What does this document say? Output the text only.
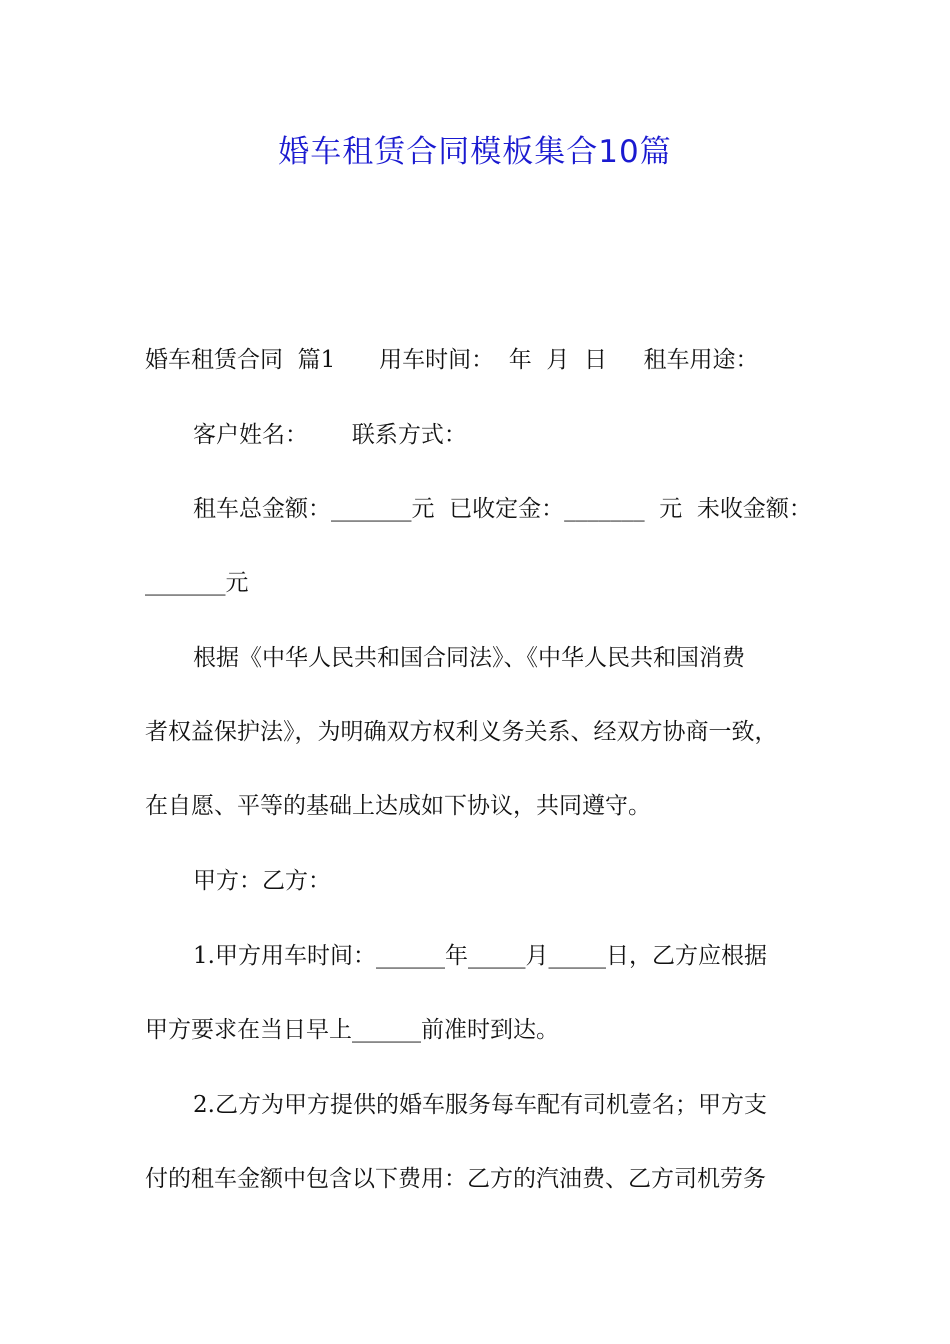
婚车租赁合同模板集合10篇
婚车租赁合同  篇1      用车时间：  年  月  日     租车用途：
客户姓名：      联系方式：
租车总金额：_______元  已收定金：_______  元  未收金额：
_______元
根据《中华人民共和国合同法》、《中华人民共和国消费
者权益保护法》，为明确双方权利义务关系、经双方协商一致，
在自愿、平等的基础上达成如下协议，共同遵守。
甲方：乙方：
1.甲方用车时间：______年_____月_____日，乙方应根据
甲方要求在当日早上______前准时到达。
2.乙方为甲方提供的婚车服务每车配有司机壹名；甲方支
付的租车金额中包含以下费用：乙方的汽油费、乙方司机劳务
